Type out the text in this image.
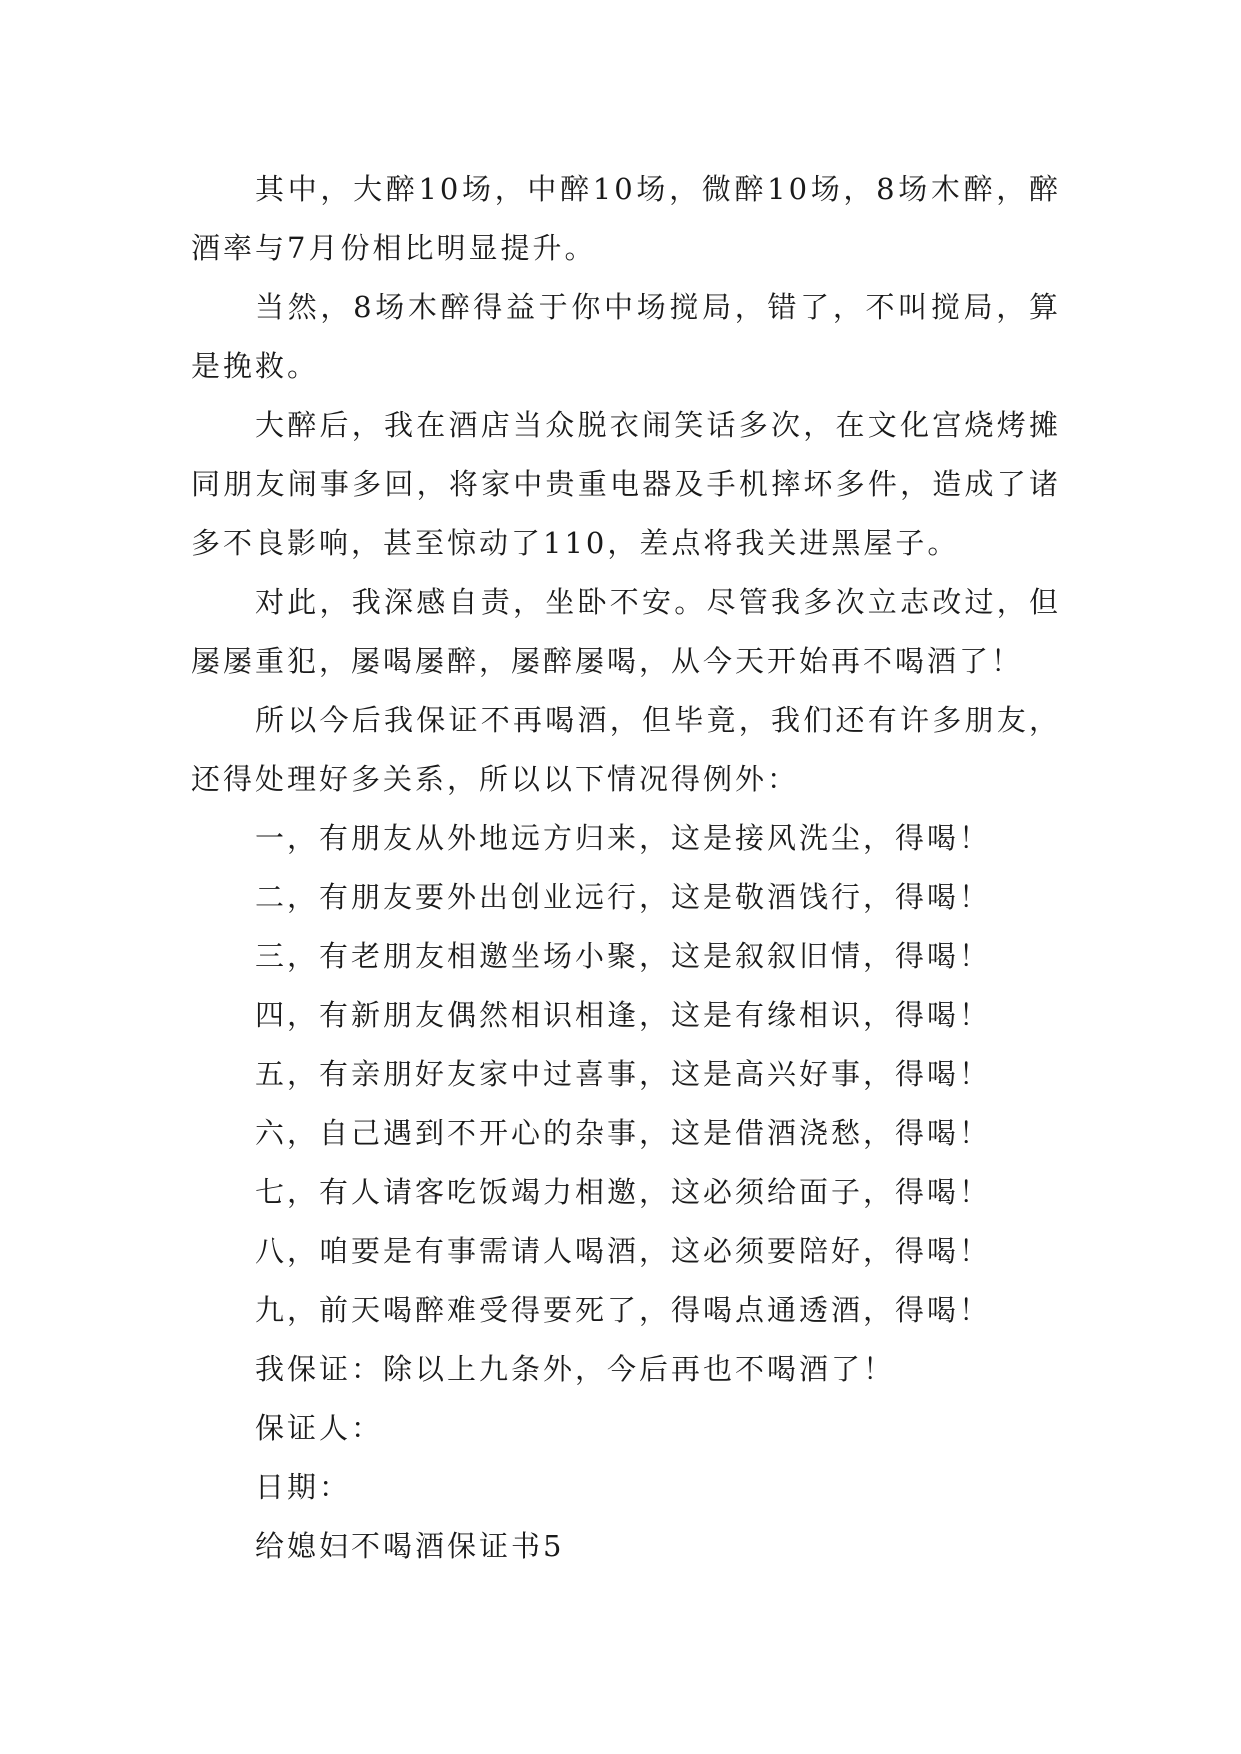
其中，大醉10场，中醉10场，微醉10场，8场木醉，醉酒率与7月份相比明显提升。

当然，8场木醉得益于你中场搅局，错了，不叫搅局，算是挽救。

大醉后，我在酒店当众脱衣闹笑话多次，在文化宫烧烤摊同朋友闹事多回，将家中贵重电器及手机摔坏多件，造成了诸多不良影响，甚至惊动了110，差点将我关进黑屋子。

对此，我深感自责，坐卧不安。尽管我多次立志改过，但屡屡重犯，屡喝屡醉，屡醉屡喝，从今天开始再不喝酒了！

所以今后我保证不再喝酒，但毕竟，我们还有许多朋友，还得处理好多关系，所以以下情况得例外：

一，有朋友从外地远方归来，这是接风洗尘，得喝！

二，有朋友要外出创业远行，这是敬酒饯行，得喝！

三，有老朋友相邀坐场小聚，这是叙叙旧情，得喝！

四，有新朋友偶然相识相逢，这是有缘相识，得喝！

五，有亲朋好友家中过喜事，这是高兴好事，得喝！

六，自己遇到不开心的杂事，这是借酒浇愁，得喝！

七，有人请客吃饭竭力相邀，这必须给面子，得喝！

八，咱要是有事需请人喝酒，这必须要陪好，得喝！

九，前天喝醉难受得要死了，得喝点通透酒，得喝！

我保证：除以上九条外，今后再也不喝酒了！

保证人：

日期：

给媳妇不喝酒保证书5
